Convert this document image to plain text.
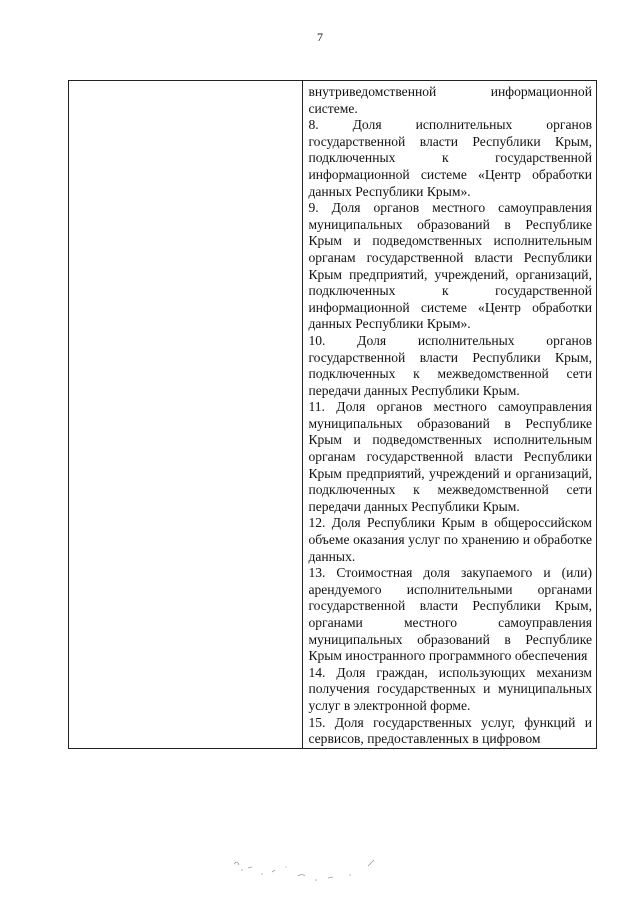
7

внутриведомственной информационной системе.

8. Доля исполнительных органов государственной власти Республики Крым, подключенных к государственной информационной системе «Центр обработки данных Республики Крым».

9. Доля органов местного самоуправления муниципальных образований в Республике Крым и подведомственных исполнительным органам государственной власти Республики Крым предприятий, учреждений, организаций, подключенных к государственной информационной системе «Центр обработки данных Республики Крым».

10. Доля исполнительных органов государственной власти Республики Крым, подключенных к межведомственной сети передачи данных Республики Крым.

11. Доля органов местного самоуправления муниципальных образований в Республике Крым и подведомственных исполнительным органам государственной власти Республики Крым предприятий, учреждений и организаций, подключенных к межведомственной сети передачи данных Республики Крым.

12. Доля Республики Крым в общероссийском объеме оказания услуг по хранению и обработке данных.

13. Стоимостная доля закупаемого и (или) арендуемого исполнительными органами государственной власти Республики Крым, органами местного самоуправления муниципальных образований в Республике Крым иностранного программного обеспечения

14. Доля граждан, использующих механизм получения государственных и муниципальных услуг в электронной форме.

15. Доля государственных услуг, функций и сервисов, предоставленных в цифровом
